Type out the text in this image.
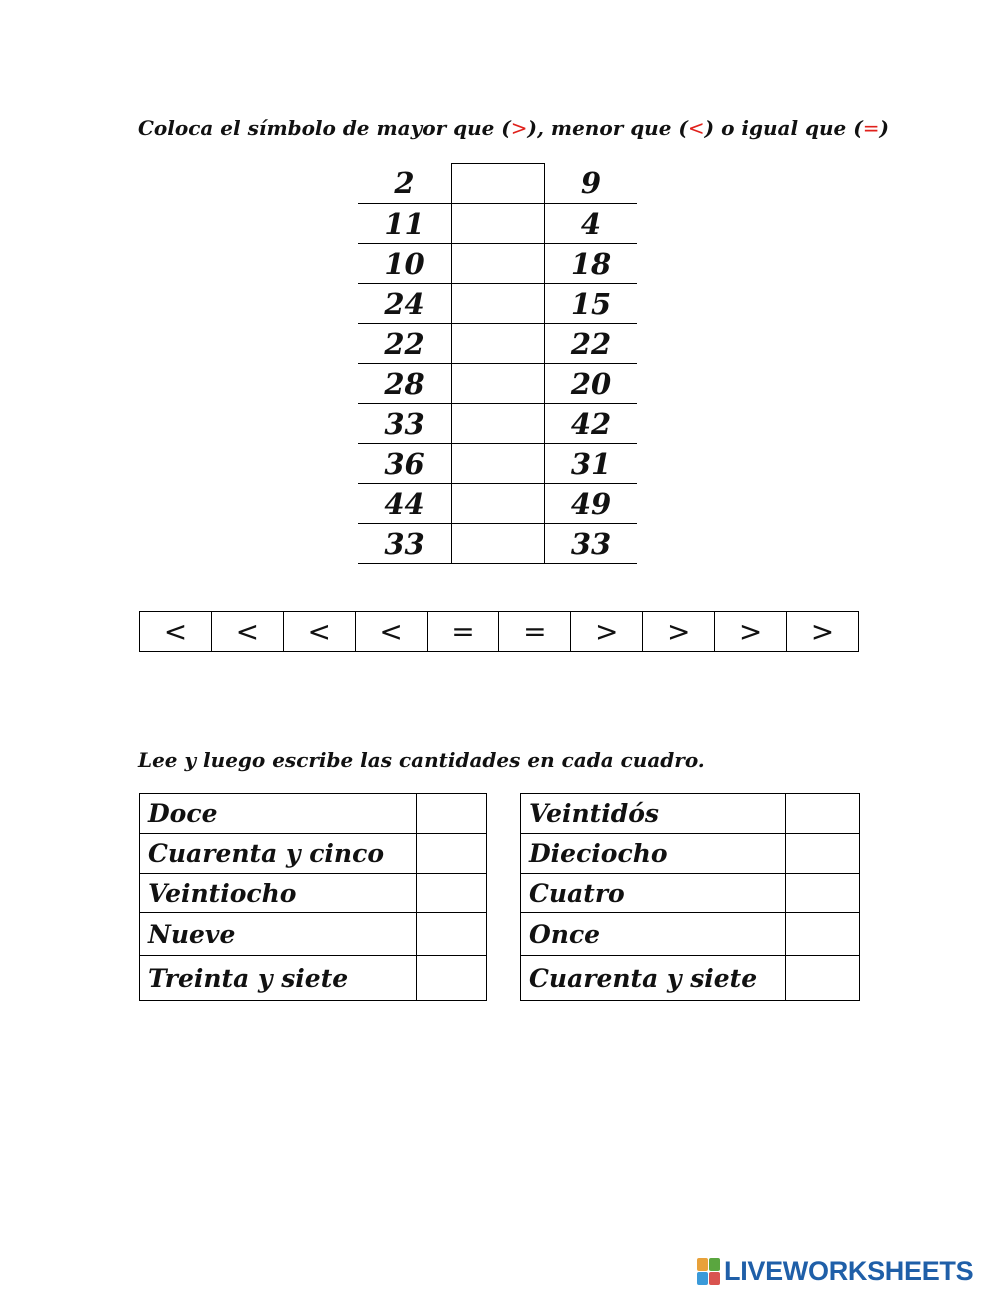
Coloca el símbolo de mayor que (>), menor que (<) o igual que (=)
2		9
11		4
10		18
24		15
22		22
28		20
33		42
36		31
44		49
33		33
<	<	<	<	=	=	>	>	>	>
Lee y luego escribe las cantidades en cada cuadro.
Doce	
Cuarenta y cinco	
Veintiocho	
Nueve	
Treinta y siete	
Veintidós	
Dieciocho	
Cuatro	
Once	
Cuarenta y siete	
LIVEWORKSHEETS
